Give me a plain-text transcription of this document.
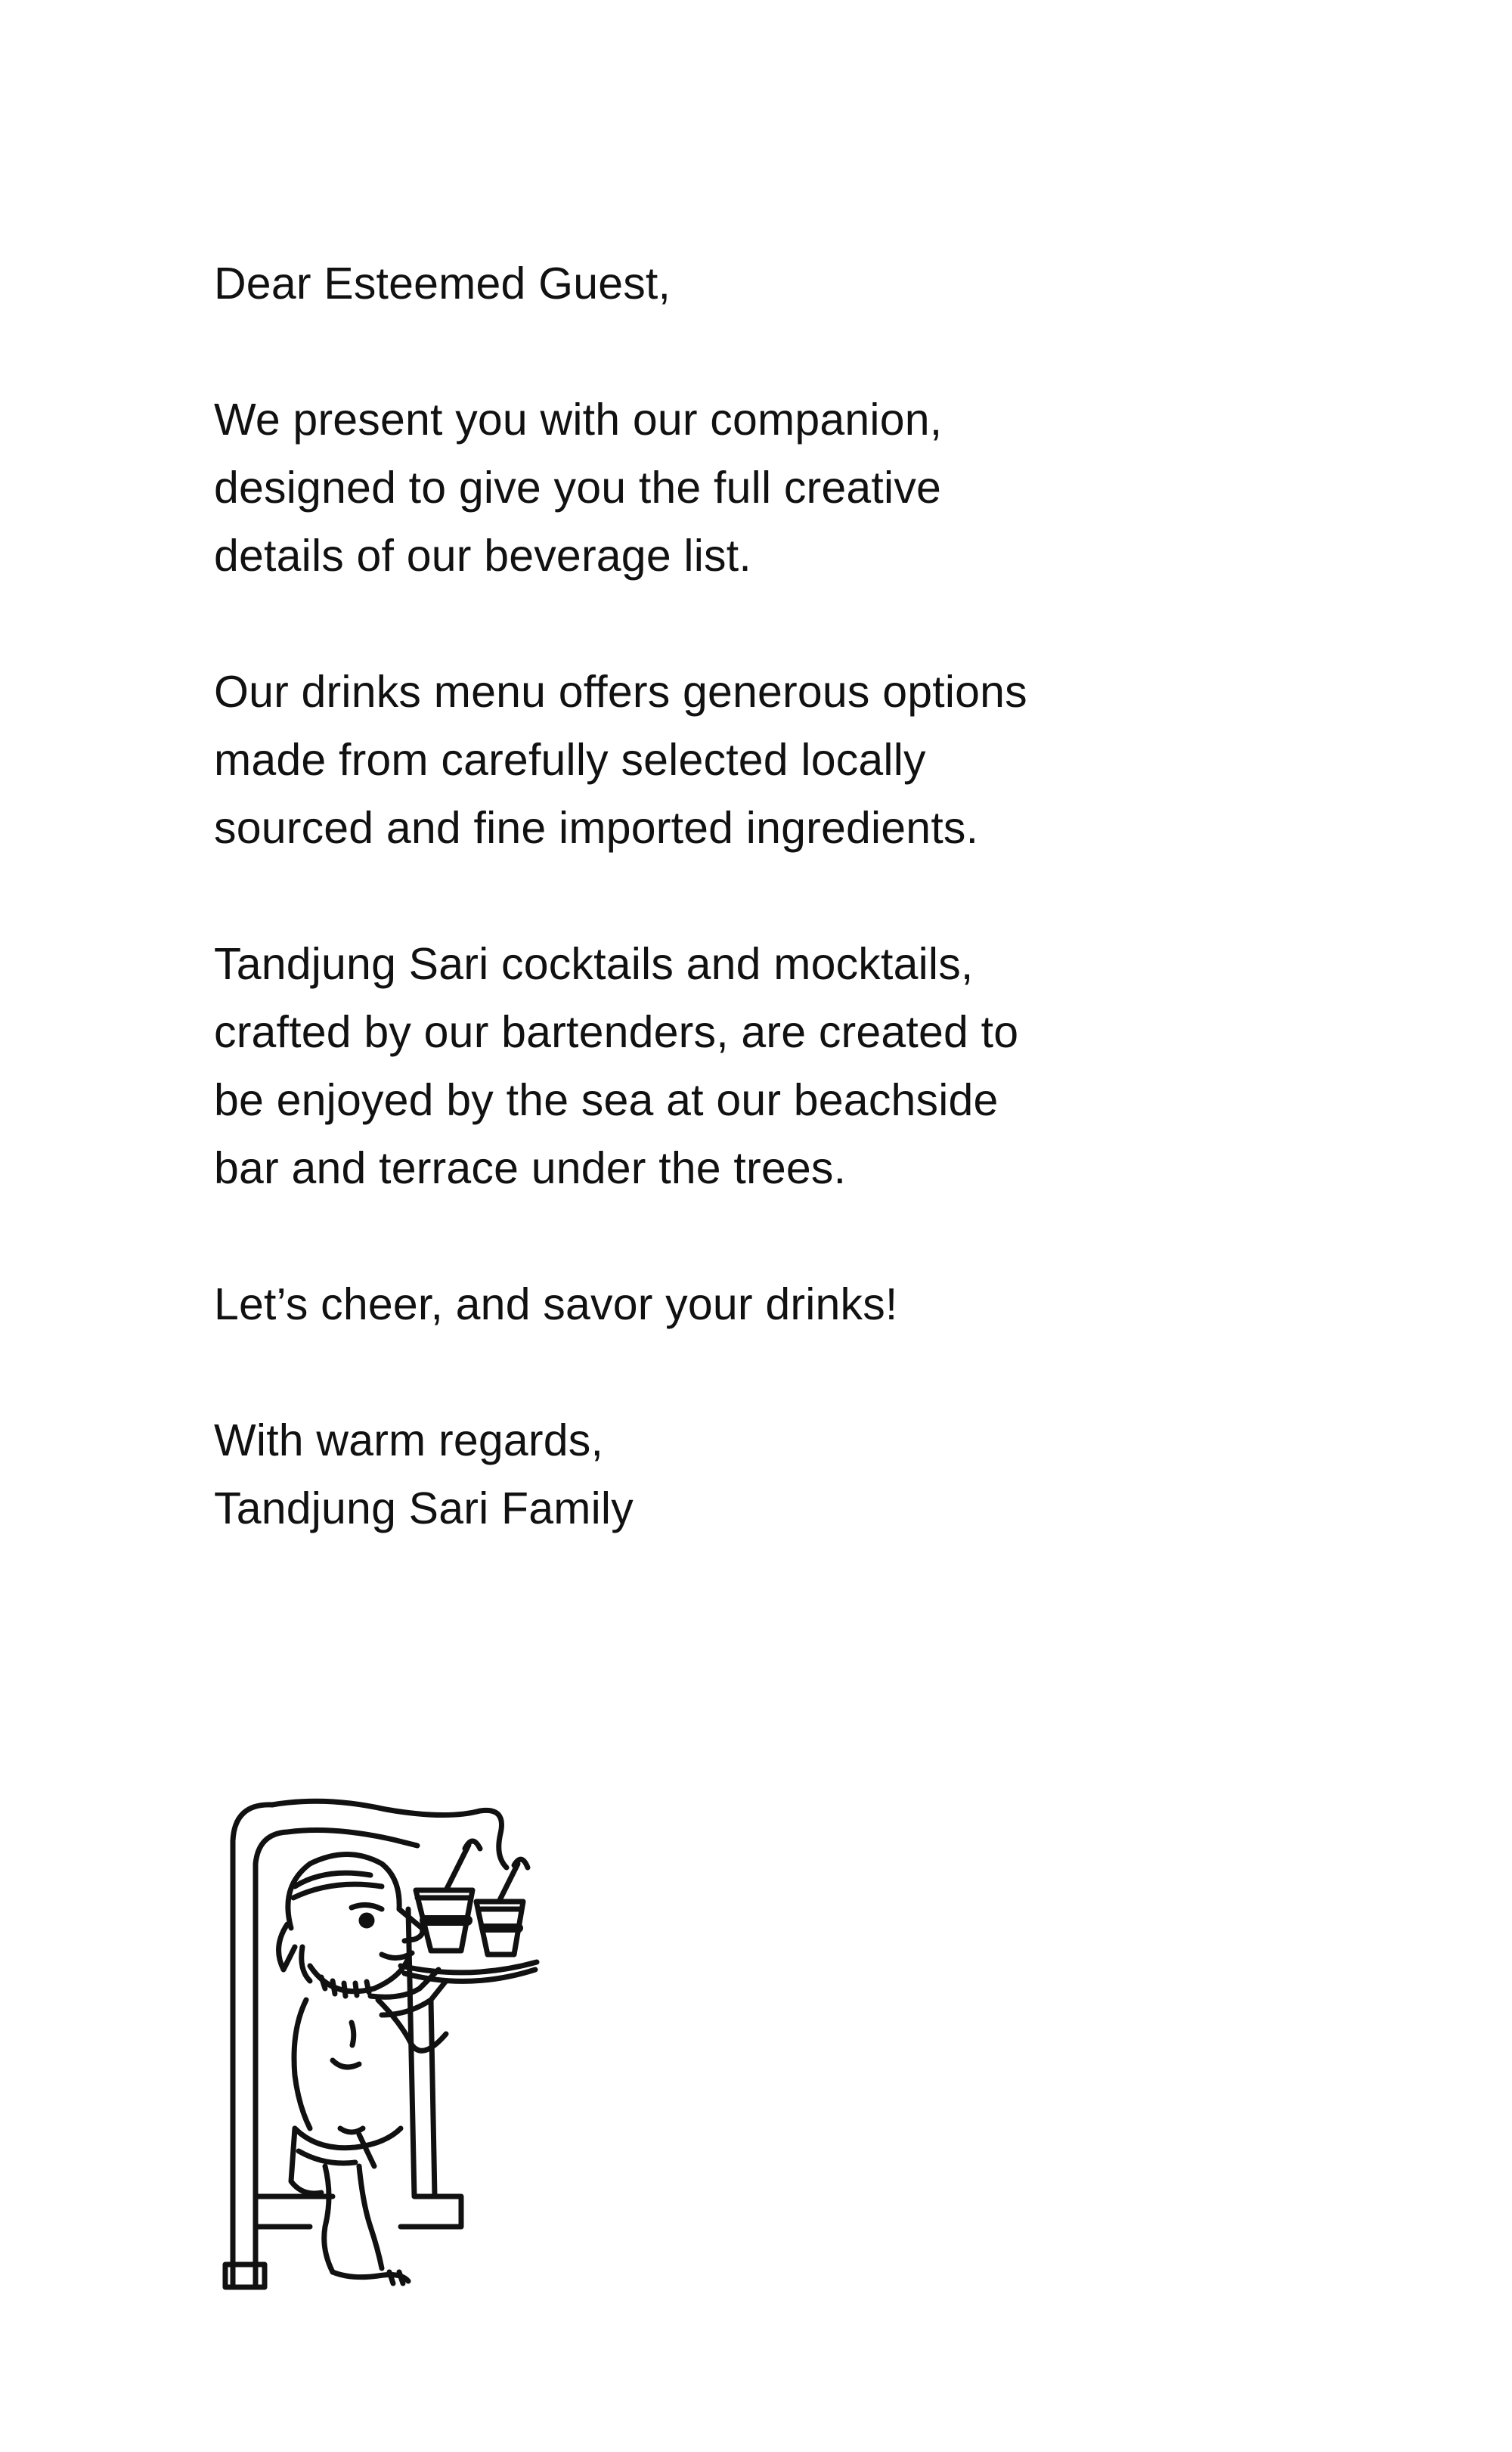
Dear Esteemed Guest,

We present you with our companion,
designed to give you the full creative
details of our beverage list.

Our drinks menu offers generous options
made from carefully selected locally
sourced and fine imported ingredients.

Tandjung Sari cocktails and mocktails,
crafted by our bartenders, are created to
be enjoyed by the sea at our beachside
bar and terrace under the trees.

Let’s cheer, and savor your drinks!

With warm regards,
Tandjung Sari Family
